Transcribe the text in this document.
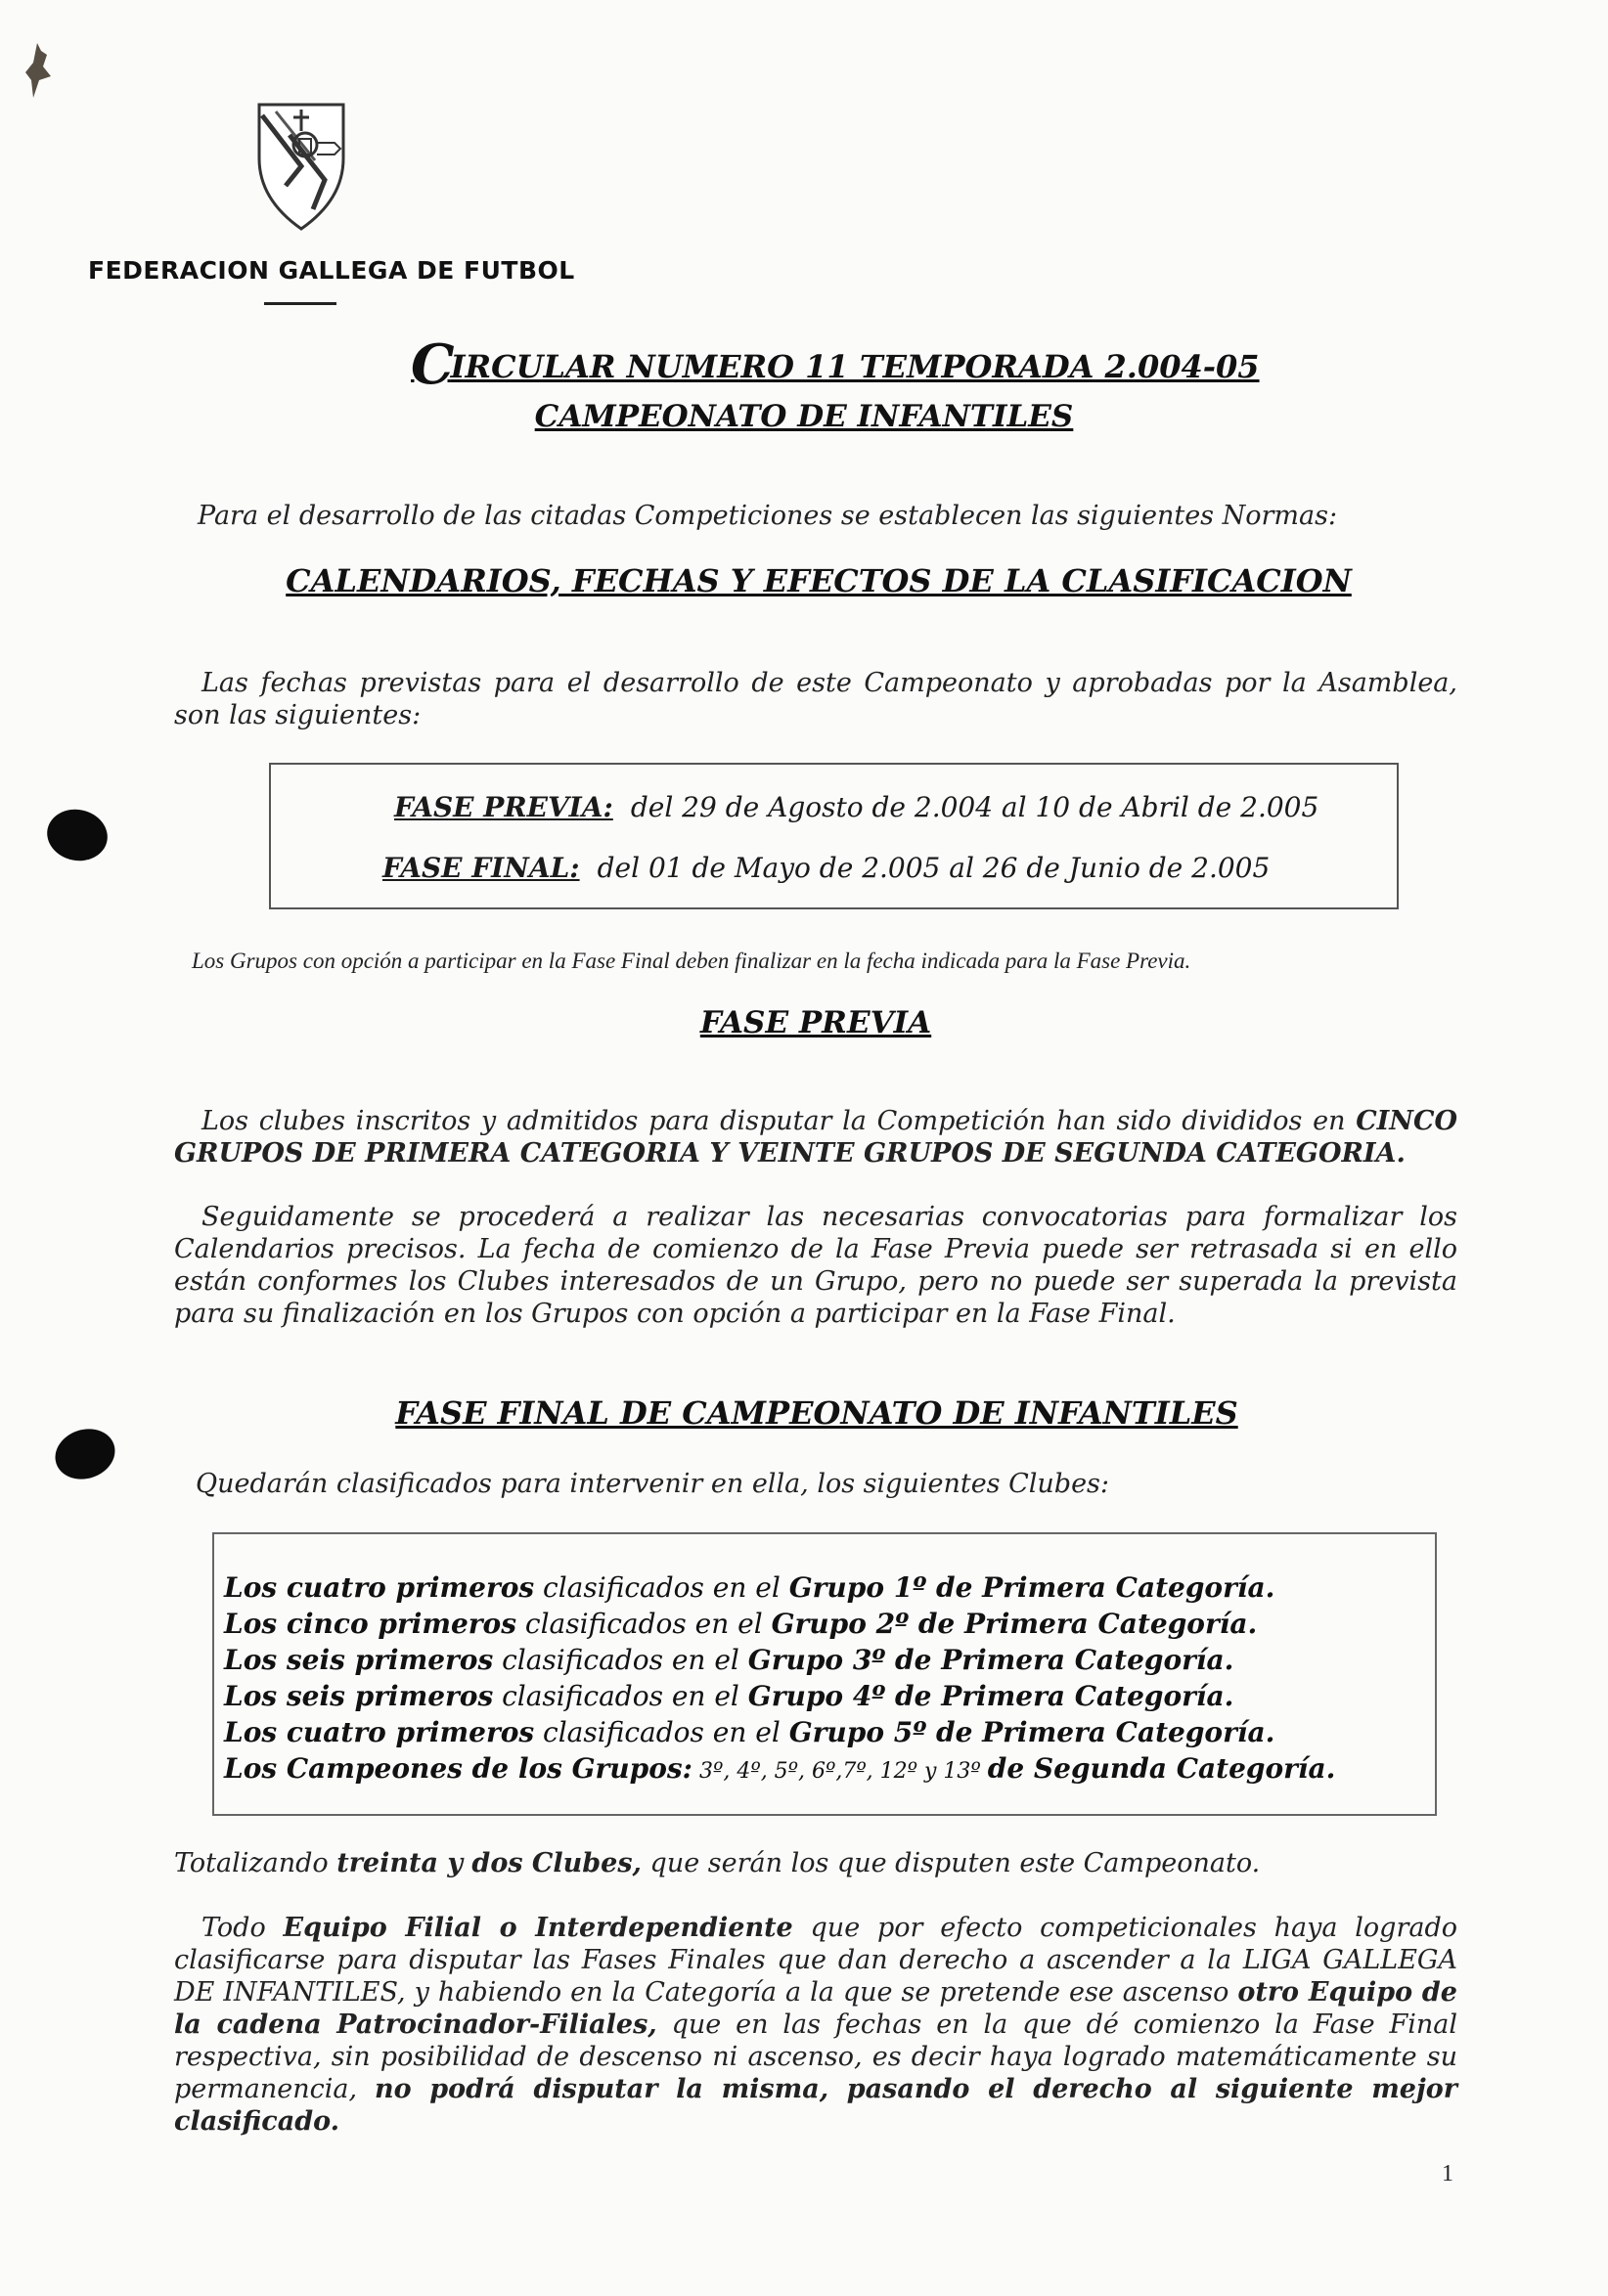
FEDERACION GALLEGA DE FUTBOL
CIRCULAR NUMERO 11 TEMPORADA 2.004-05
CAMPEONATO DE INFANTILES
Para el desarrollo de las citadas Competiciones se establecen las siguientes Normas:
CALENDARIOS, FECHAS Y EFECTOS DE LA CLASIFICACION
Las fechas previstas para el desarrollo de este Campeonato y aprobadas por la Asamblea, son las siguientes:
FASE PREVIA: del 29 de Agosto de 2.004 al 10 de Abril de 2.005
FASE FINAL: del 01 de Mayo de 2.005 al 26 de Junio de 2.005
Los Grupos con opción a participar en la Fase Final deben finalizar en la fecha indicada para la Fase Previa.
FASE PREVIA
Los clubes inscritos y admitidos para disputar la Competición han sido divididos en CINCO GRUPOS DE PRIMERA CATEGORIA Y VEINTE GRUPOS DE SEGUNDA CATEGORIA.
Seguidamente se procederá a realizar las necesarias convocatorias para formalizar los Calendarios precisos. La fecha de comienzo de la Fase Previa puede ser retrasada si en ello están conformes los Clubes interesados de un Grupo, pero no puede ser superada la prevista para su finalización en los Grupos con opción a participar en la Fase Final.
FASE FINAL DE CAMPEONATO DE INFANTILES
Quedarán clasificados para intervenir en ella, los siguientes Clubes:
Los cuatro primeros clasificados en el Grupo 1º de Primera Categoría.
Los cinco primeros clasificados en el Grupo 2º de Primera Categoría.
Los seis primeros clasificados en el Grupo 3º de Primera Categoría.
Los seis primeros clasificados en el Grupo 4º de Primera Categoría.
Los cuatro primeros clasificados en el Grupo 5º de Primera Categoría.
Los Campeones de los Grupos: 3º, 4º, 5º, 6º,7º, 12º y 13º de Segunda Categoría.
Totalizando treinta y dos Clubes, que serán los que disputen este Campeonato.
Todo Equipo Filial o Interdependiente que por efecto competicionales haya logrado clasificarse para disputar las Fases Finales que dan derecho a ascender a la LIGA GALLEGA DE INFANTILES, y habiendo en la Categoría a la que se pretende ese ascenso otro Equipo de la cadena Patrocinador-Filiales, que en las fechas en la que dé comienzo la Fase Final respectiva, sin posibilidad de descenso ni ascenso, es decir haya logrado matemáticamente su permanencia, no podrá disputar la misma, pasando el derecho al siguiente mejor clasificado.
1
